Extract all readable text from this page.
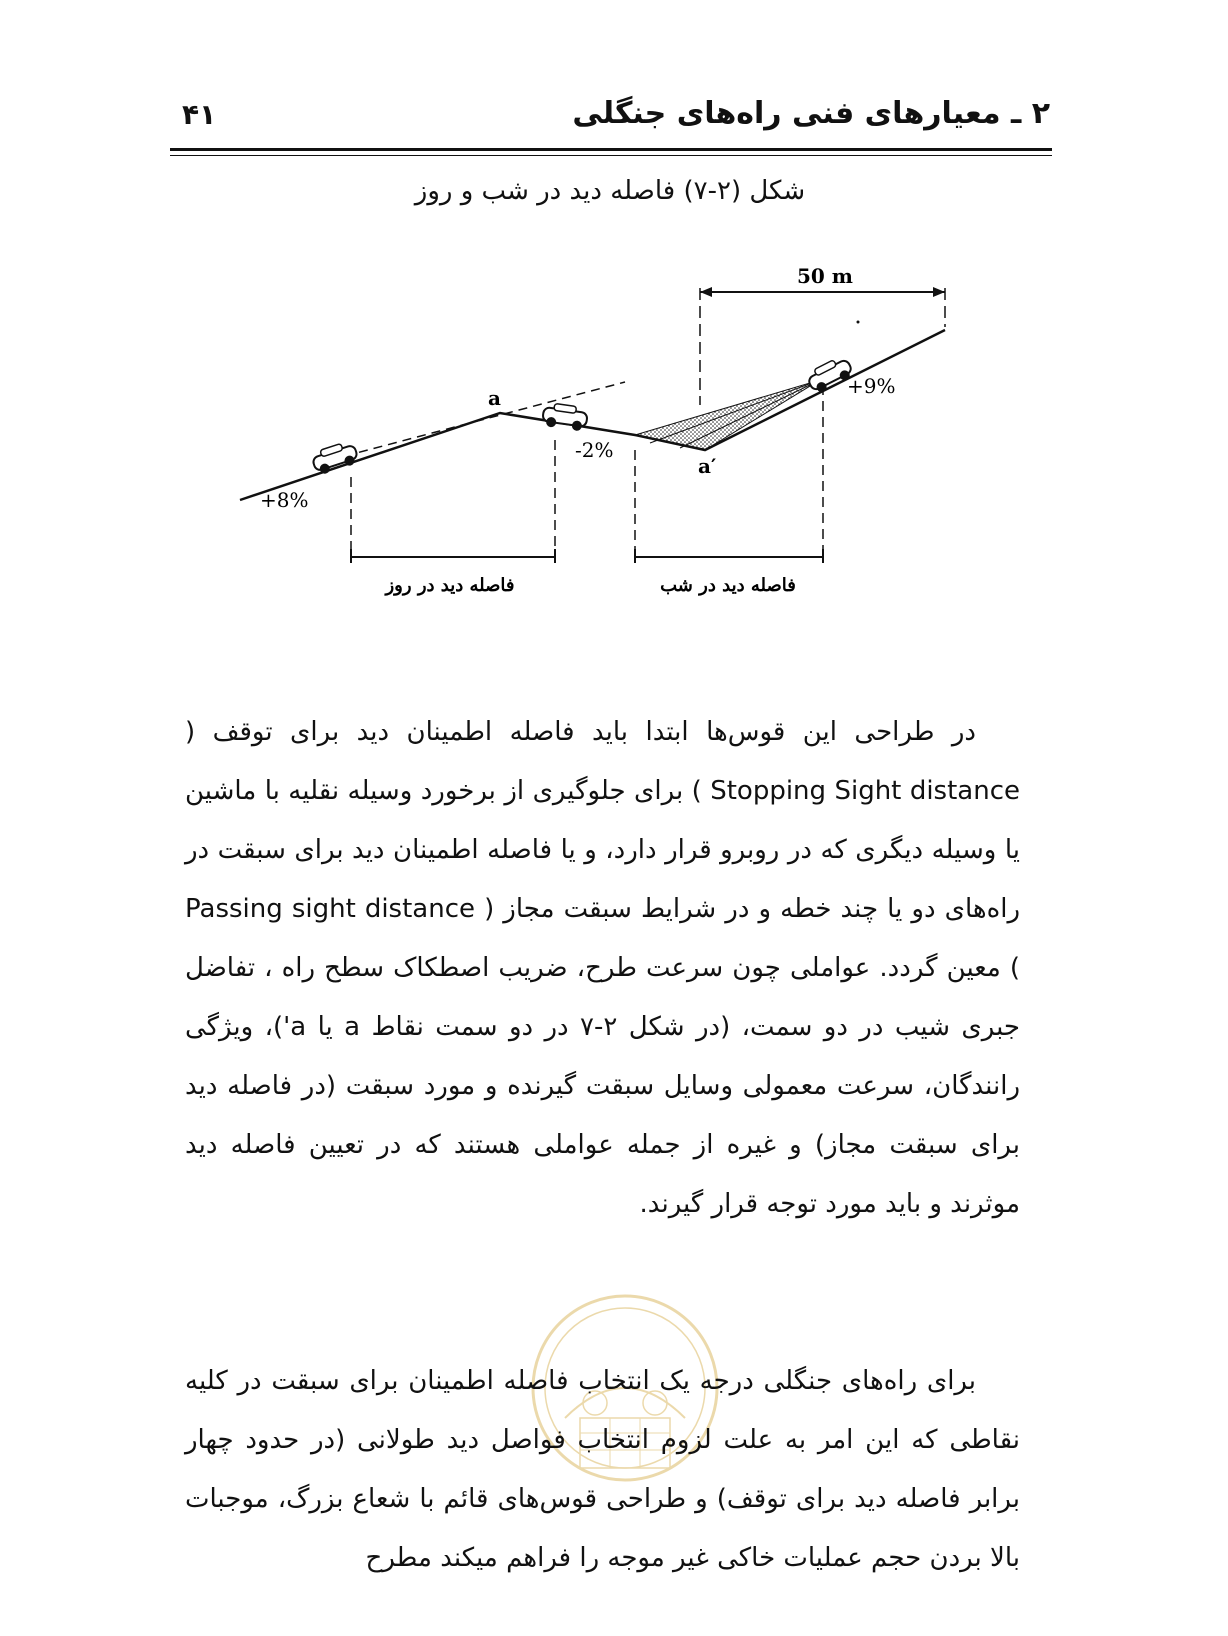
۴۱	۲ ـ معیارهای فنی راه‌های جنگلی
شکل (۲-۷) فاصله دید در شب و روز
50 m
فاصله دید در روز	فاصله دید در شب
a
a′
+8%
-2%
+9%

در طراحی این قوس‌ها ابتدا باید فاصله اطمینان دید برای توقف ( Stopping Sight distance ) برای جلوگیری از برخورد وسیله نقلیه با ماشین یا وسیله دیگری که در روبرو قرار دارد، و یا فاصله اطمینان دید برای سبقت در راه‌های دو یا چند خطه و در شرایط سبقت مجاز ( Passing sight distance ) معین گردد. عواملی چون سرعت طرح، ضریب اصطکاک سطح راه ، تفاضل جبری شیب در دو سمت، (در شکل ۲-۷ در دو سمت نقاط a یا a')، ویژگی رانندگان، سرعت معمولی وسایل سبقت گیرنده و مورد سبقت (در فاصله دید برای سبقت مجاز) و غیره از جمله عواملی هستند که در تعیین فاصله دید موثرند و باید مورد توجه قرار گیرند.

برای راه‌های جنگلی درجه یک انتخاب فاصله اطمینان برای سبقت در کلیه نقاطی که این امر به علت لزوم انتخاب فواصل دید طولانی (در حدود چهار برابر فاصله دید برای توقف) و طراحی قوس‌های قائم با شعاع بزرگ، موجبات بالا بردن حجم عملیات خاکی غیر موجه را فراهم میکند مطرح
